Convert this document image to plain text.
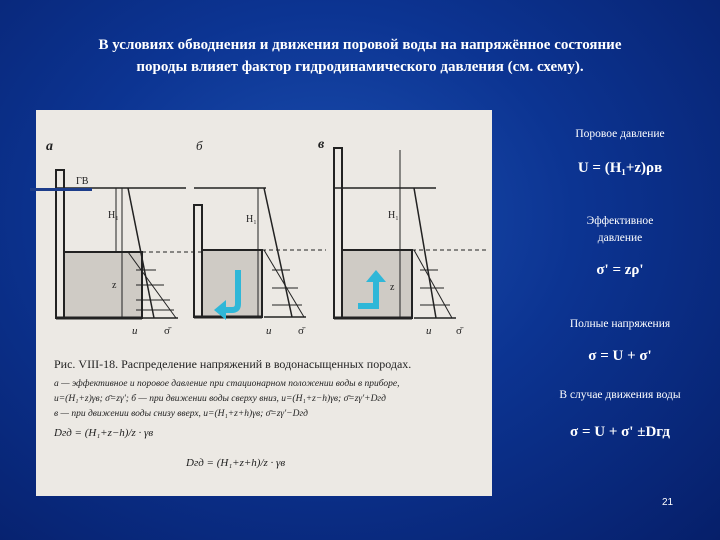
В условиях обводнения и движения поровой воды на напряжённое состояние
породы влияет фактор гидродинамического давления (см. схему).
а	б	в
ГВ
H₁
z
u σ̄
H₁
u σ̄
H₁
z
u σ̄
Рис. VIII-18. Распределение напряжений в водонасыщенных породах.
а — эффективное и поровое давление при стационарном положении воды в приборе,
u=(H₁+z)γв; σ̄=zγ'; б — при движении воды сверху вниз, u=(H₁+z−h)γв; σ̄=zγ'+Dгд
в — при движении воды снизу вверх, u=(H₁+z+h)γв; σ̄=zγ'−Dгд
Dгд = (H₁+z−h)/z · γв
Dгд = (H₁+z+h)/z · γв
Поровое давление
U = (H₁+z)ρв
Эффективное
давление
σ' = zρ'
Полные напряжения
σ = U + σ'
В случае движения воды
σ = U + σ' ±Dгд
21
